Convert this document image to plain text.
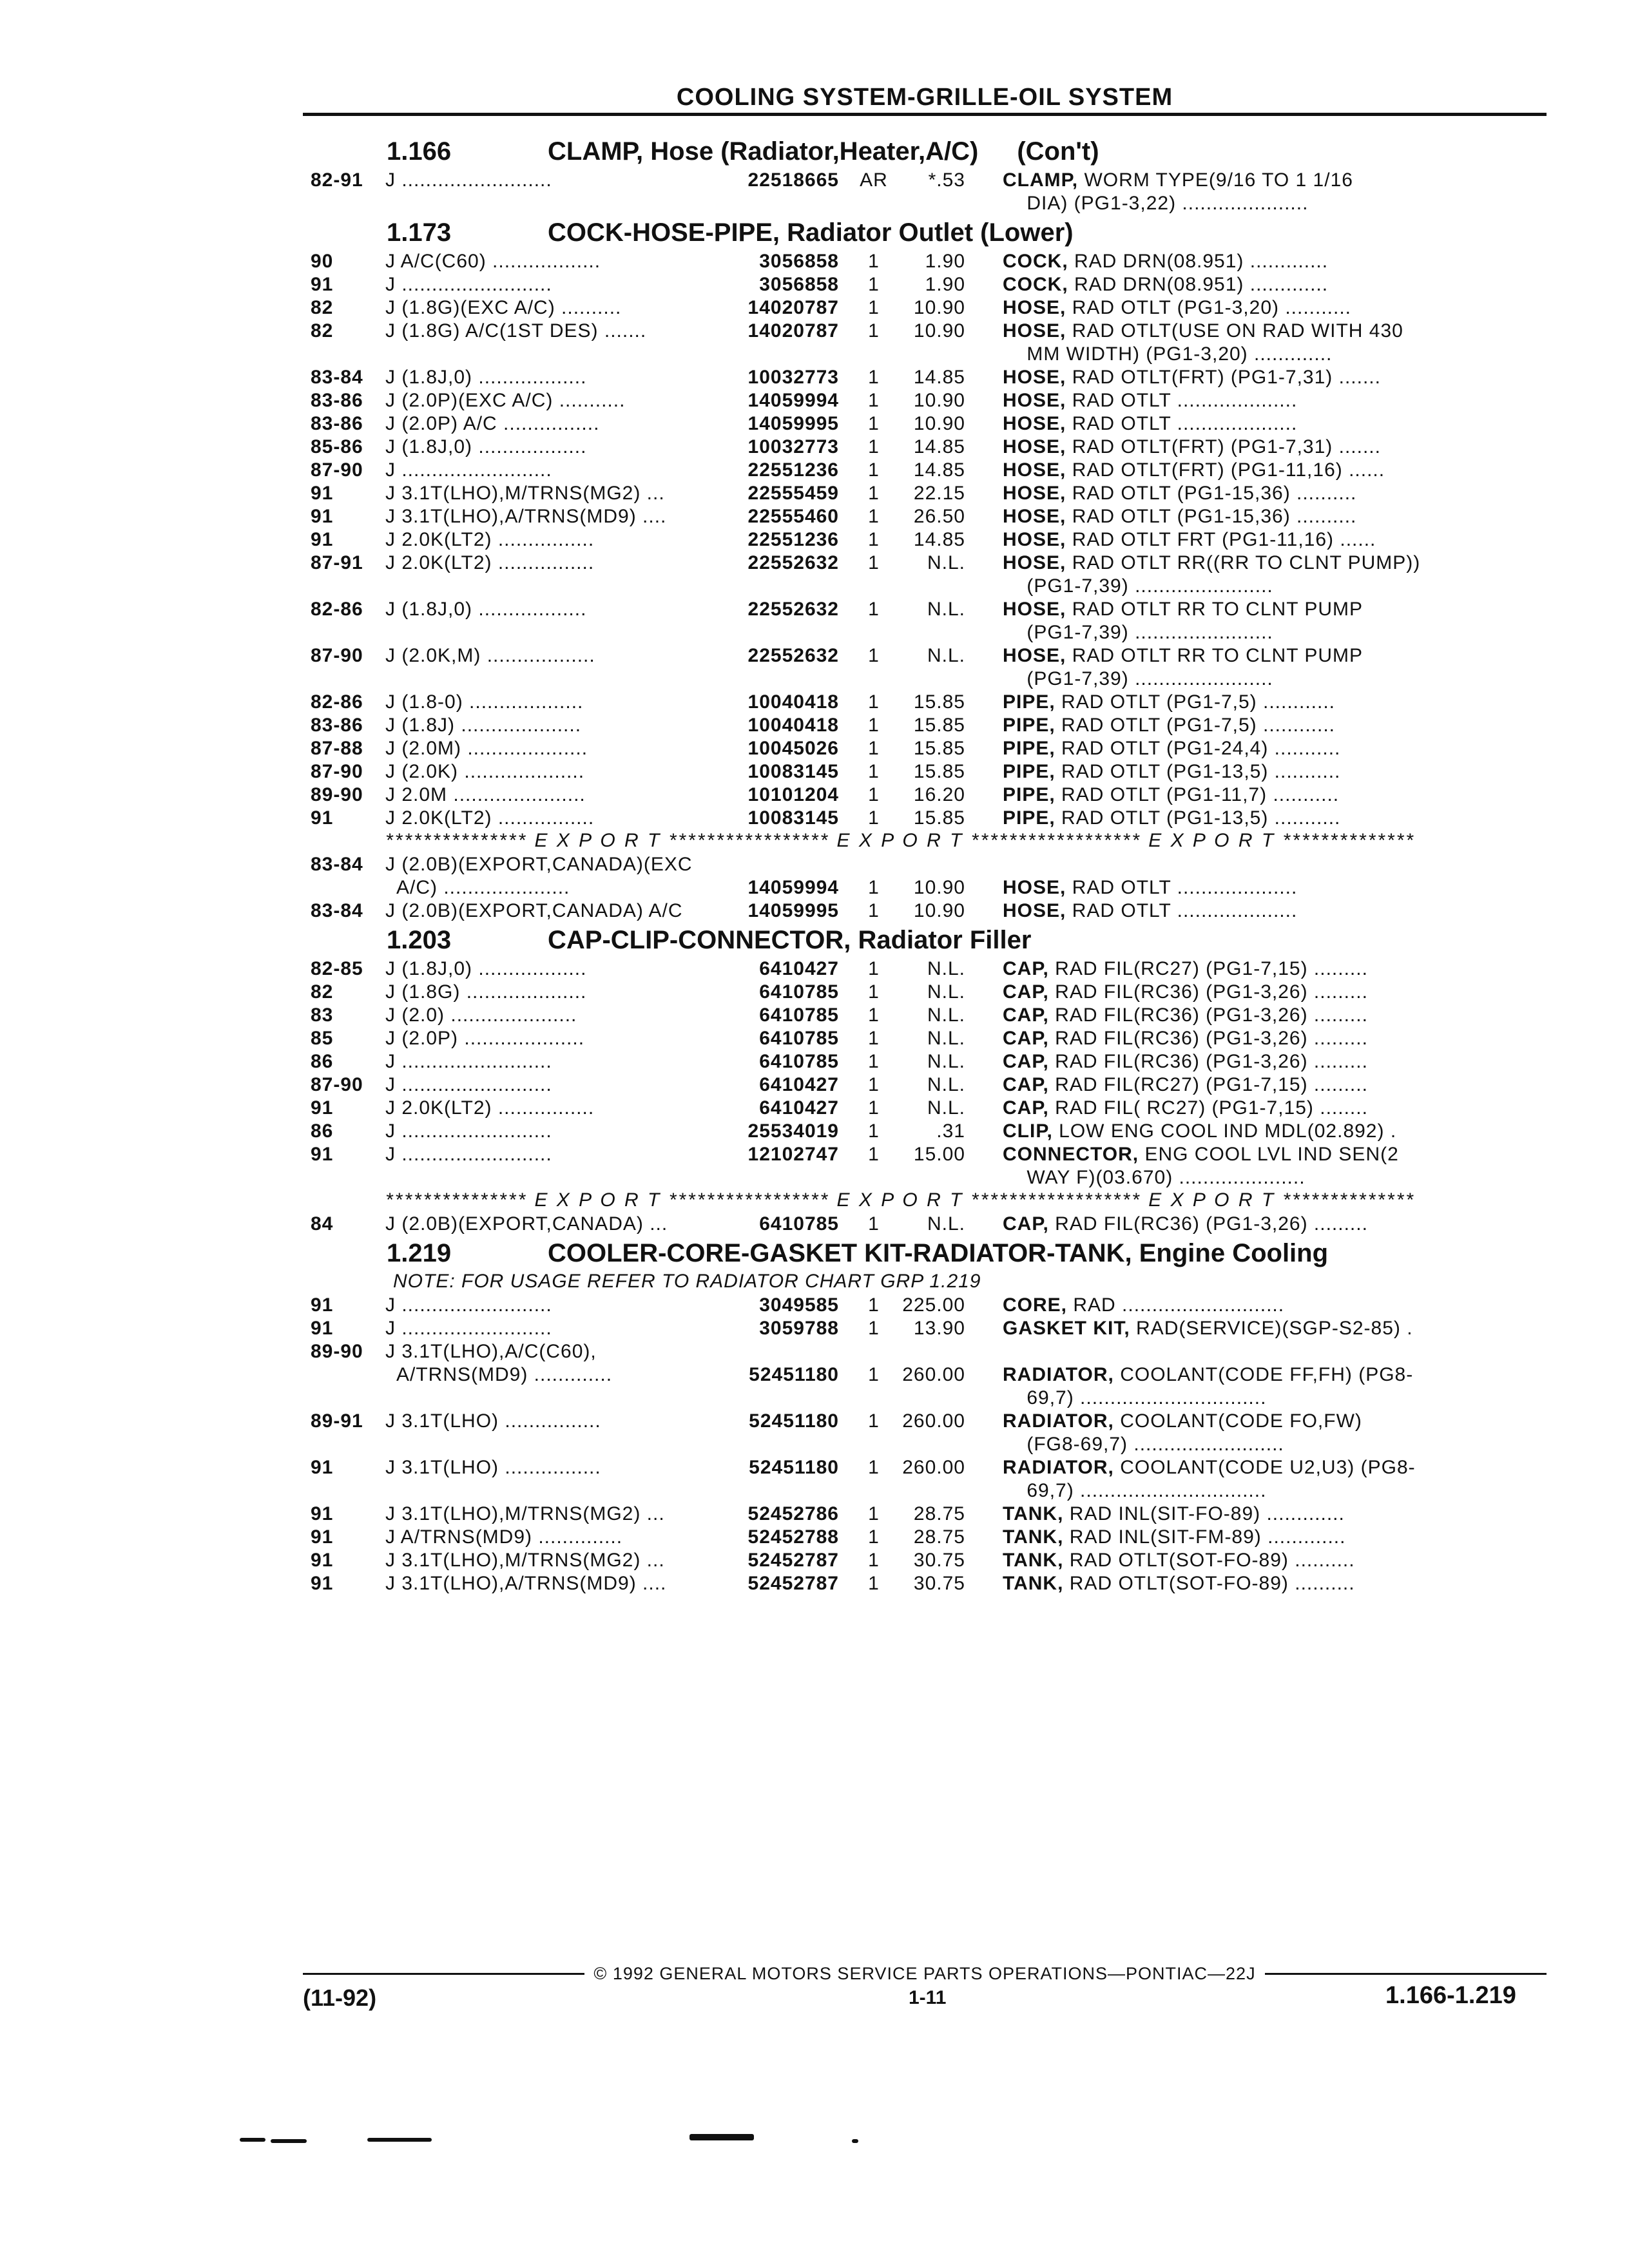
COOLING SYSTEM-GRILLE-OIL SYSTEM
1.166	CLAMP, Hose (Radiator,Heater,A/C) (Con't)
82-91	J .........................	22518665	AR	*.53	CLAMP, WORM TYPE(9/16 TO 1 1/16
DIA) (PG1-3,22) .....................
1.173	COCK-HOSE-PIPE, Radiator Outlet (Lower)
90	J A/C(C60) ..................	3056858	1	1.90	COCK, RAD DRN(08.951) .............
91	J .........................	3056858	1	1.90	COCK, RAD DRN(08.951) .............
82	J (1.8G)(EXC A/C) ..........	14020787	1	10.90	HOSE, RAD OTLT (PG1-3,20) ...........
82	J (1.8G) A/C(1ST DES) .......	14020787	1	10.90	HOSE, RAD OTLT(USE ON RAD WITH 430
MM WIDTH) (PG1-3,20) .............
83-84	J (1.8J,0) ..................	10032773	1	14.85	HOSE, RAD OTLT(FRT) (PG1-7,31) .......
83-86	J (2.0P)(EXC A/C) ...........	14059994	1	10.90	HOSE, RAD OTLT ....................
83-86	J (2.0P) A/C ................	14059995	1	10.90	HOSE, RAD OTLT ....................
85-86	J (1.8J,0) ..................	10032773	1	14.85	HOSE, RAD OTLT(FRT) (PG1-7,31) .......
87-90	J .........................	22551236	1	14.85	HOSE, RAD OTLT(FRT) (PG1-11,16) ......
91	J 3.1T(LHO),M/TRNS(MG2) ...	22555459	1	22.15	HOSE, RAD OTLT (PG1-15,36) ..........
91	J 3.1T(LHO),A/TRNS(MD9) ....	22555460	1	26.50	HOSE, RAD OTLT (PG1-15,36) ..........
91	J 2.0K(LT2) ................	22551236	1	14.85	HOSE, RAD OTLT FRT (PG1-11,16) ......
87-91	J 2.0K(LT2) ................	22552632	1	N.L.	HOSE, RAD OTLT RR((RR TO CLNT PUMP))
(PG1-7,39) .......................
82-86	J (1.8J,0) ..................	22552632	1	N.L.	HOSE, RAD OTLT RR TO CLNT PUMP
(PG1-7,39) .......................
87-90	J (2.0K,M) ..................	22552632	1	N.L.	HOSE, RAD OTLT RR TO CLNT PUMP
(PG1-7,39) .......................
82-86	J (1.8-0) ...................	10040418	1	15.85	PIPE, RAD OTLT (PG1-7,5) ............
83-86	J (1.8J) ....................	10040418	1	15.85	PIPE, RAD OTLT (PG1-7,5) ............
87-88	J (2.0M) ....................	10045026	1	15.85	PIPE, RAD OTLT (PG1-24,4) ...........
87-90	J (2.0K) ....................	10083145	1	15.85	PIPE, RAD OTLT (PG1-13,5) ...........
89-90	J 2.0M ......................	10101204	1	16.20	PIPE, RAD OTLT (PG1-11,7) ...........
91	J 2.0K(LT2) ................	10083145	1	15.85	PIPE, RAD OTLT (PG1-13,5) ...........
*************** E X P O R T ***************** E X P O R T ****************** E X P O R T **************
83-84	J (2.0B)(EXPORT,CANADA)(EXC
A/C) .....................	14059994	1	10.90	HOSE, RAD OTLT ....................
83-84	J (2.0B)(EXPORT,CANADA) A/C	14059995	1	10.90	HOSE, RAD OTLT ....................
1.203	CAP-CLIP-CONNECTOR, Radiator Filler
82-85	J (1.8J,0) ..................	6410427	1	N.L.	CAP, RAD FIL(RC27) (PG1-7,15) .........
82	J (1.8G) ....................	6410785	1	N.L.	CAP, RAD FIL(RC36) (PG1-3,26) .........
83	J (2.0) .....................	6410785	1	N.L.	CAP, RAD FIL(RC36) (PG1-3,26) .........
85	J (2.0P) ....................	6410785	1	N.L.	CAP, RAD FIL(RC36) (PG1-3,26) .........
86	J .........................	6410785	1	N.L.	CAP, RAD FIL(RC36) (PG1-3,26) .........
87-90	J .........................	6410427	1	N.L.	CAP, RAD FIL(RC27) (PG1-7,15) .........
91	J 2.0K(LT2) ................	6410427	1	N.L.	CAP, RAD FIL( RC27) (PG1-7,15) ........
86	J .........................	25534019	1	.31	CLIP, LOW ENG COOL IND MDL(02.892) .
91	J .........................	12102747	1	15.00	CONNECTOR, ENG COOL LVL IND SEN(2
WAY F)(03.670) .....................
*************** E X P O R T ***************** E X P O R T ****************** E X P O R T **************
84	J (2.0B)(EXPORT,CANADA) ...	6410785	1	N.L.	CAP, RAD FIL(RC36) (PG1-3,26) .........
1.219	COOLER-CORE-GASKET KIT-RADIATOR-TANK, Engine Cooling
NOTE: FOR USAGE REFER TO RADIATOR CHART GRP 1.219
91	J .........................	3049585	1	225.00	CORE, RAD ...........................
91	J .........................	3059788	1	13.90	GASKET KIT, RAD(SERVICE)(SGP-S2-85) .
89-90	J 3.1T(LHO),A/C(C60),
A/TRNS(MD9) .............	52451180	1	260.00	RADIATOR, COOLANT(CODE FF,FH) (PG8-
69,7) ...............................
89-91	J 3.1T(LHO) ................	52451180	1	260.00	RADIATOR, COOLANT(CODE FO,FW)
(FG8-69,7) .........................
91	J 3.1T(LHO) ................	52451180	1	260.00	RADIATOR, COOLANT(CODE U2,U3) (PG8-
69,7) ...............................
91	J 3.1T(LHO),M/TRNS(MG2) ...	52452786	1	28.75	TANK, RAD INL(SIT-FO-89) .............
91	J A/TRNS(MD9) ..............	52452788	1	28.75	TANK, RAD INL(SIT-FM-89) .............
91	J 3.1T(LHO),M/TRNS(MG2) ...	52452787	1	30.75	TANK, RAD OTLT(SOT-FO-89) ..........
91	J 3.1T(LHO),A/TRNS(MD9) ....	52452787	1	30.75	TANK, RAD OTLT(SOT-FO-89) ..........
© 1992 GENERAL MOTORS SERVICE PARTS OPERATIONS—PONTIAC—22J
(11-92)	1-11	1.166-1.219
